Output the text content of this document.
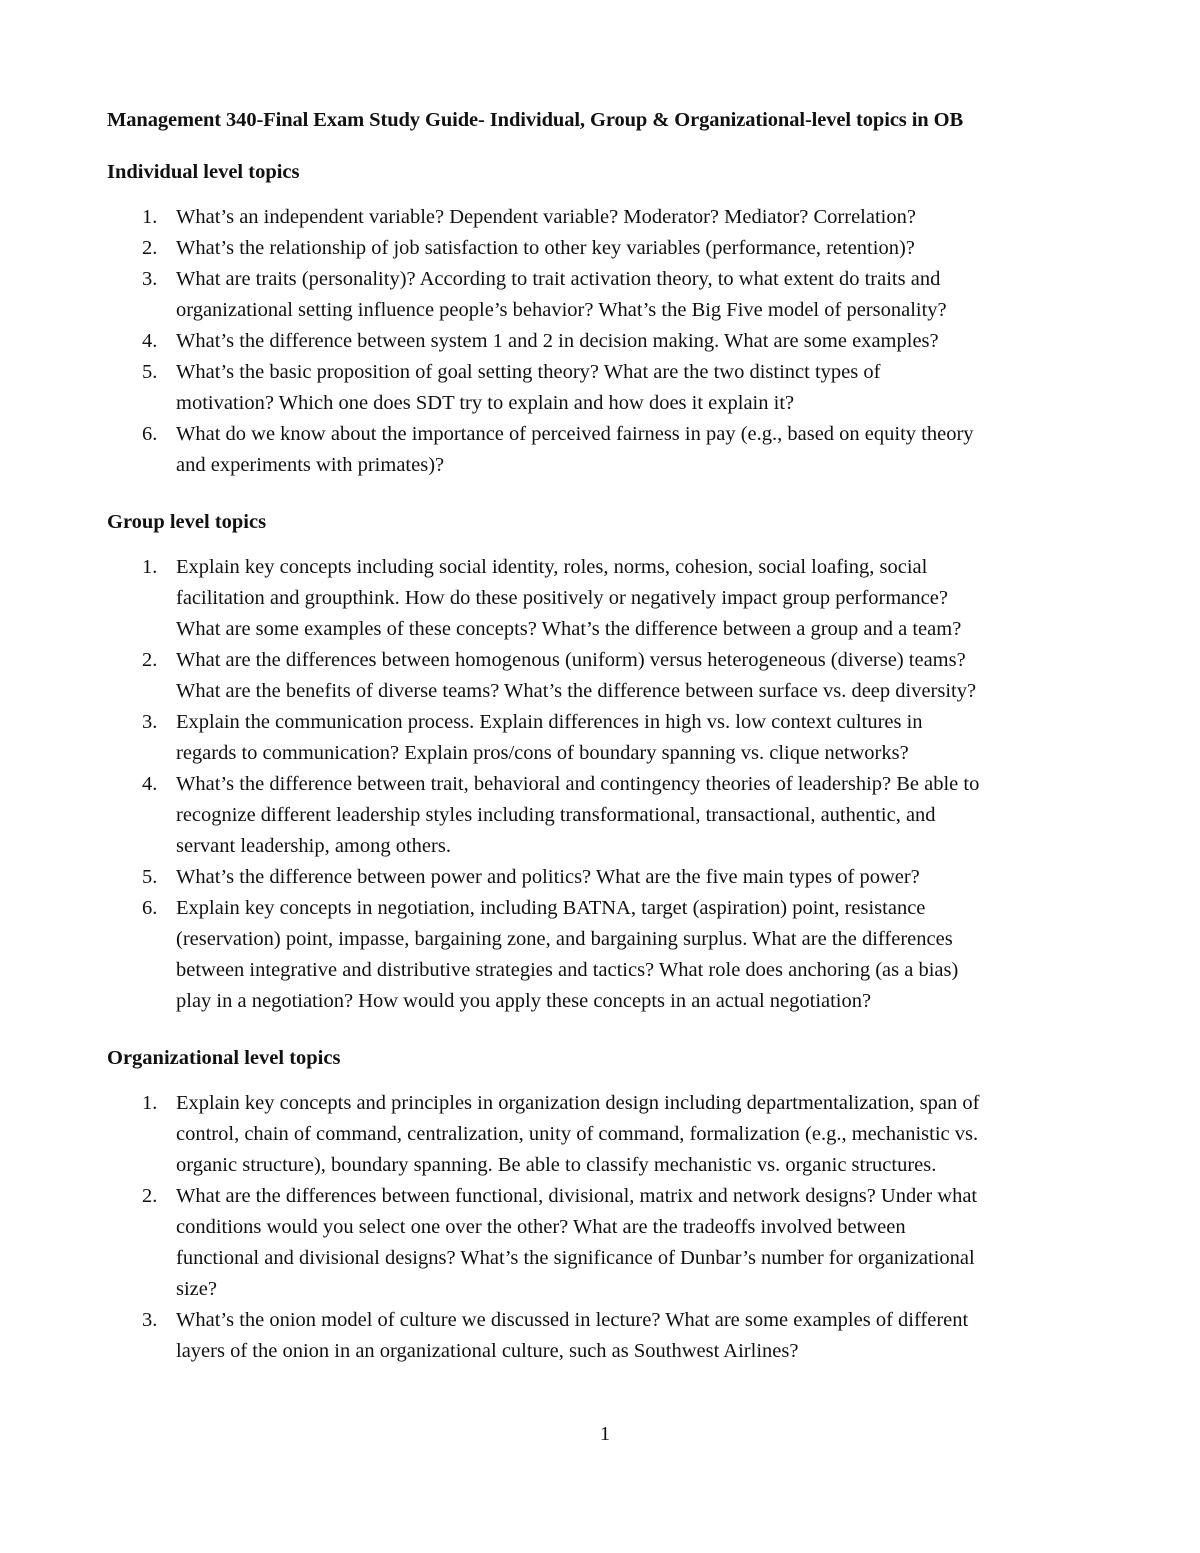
Management 340-Final Exam Study Guide- Individual, Group & Organizational-level topics in OB
Individual level topics
1. What’s an independent variable? Dependent variable? Moderator? Mediator? Correlation?
2. What’s the relationship of job satisfaction to other key variables (performance, retention)?
3. What are traits (personality)? According to trait activation theory, to what extent do traits and
organizational setting influence people’s behavior? What’s the Big Five model of personality?
4. What’s the difference between system 1 and 2 in decision making. What are some examples?
5. What’s the basic proposition of goal setting theory? What are the two distinct types of
motivation? Which one does SDT try to explain and how does it explain it?
6. What do we know about the importance of perceived fairness in pay (e.g., based on equity theory
and experiments with primates)?
Group level topics
1. Explain key concepts including social identity, roles, norms, cohesion, social loafing, social
facilitation and groupthink. How do these positively or negatively impact group performance?
What are some examples of these concepts? What’s the difference between a group and a team?
2. What are the differences between homogenous (uniform) versus heterogeneous (diverse) teams?
What are the benefits of diverse teams? What’s the difference between surface vs. deep diversity?
3. Explain the communication process. Explain differences in high vs. low context cultures in
regards to communication? Explain pros/cons of boundary spanning vs. clique networks?
4. What’s the difference between trait, behavioral and contingency theories of leadership? Be able to
recognize different leadership styles including transformational, transactional, authentic, and
servant leadership, among others.
5. What’s the difference between power and politics? What are the five main types of power?
6. Explain key concepts in negotiation, including BATNA, target (aspiration) point, resistance
(reservation) point, impasse, bargaining zone, and bargaining surplus. What are the differences
between integrative and distributive strategies and tactics? What role does anchoring (as a bias)
play in a negotiation? How would you apply these concepts in an actual negotiation?
Organizational level topics
1. Explain key concepts and principles in organization design including departmentalization, span of
control, chain of command, centralization, unity of command, formalization (e.g., mechanistic vs.
organic structure), boundary spanning. Be able to classify mechanistic vs. organic structures.
2. What are the differences between functional, divisional, matrix and network designs? Under what
conditions would you select one over the other? What are the tradeoffs involved between
functional and divisional designs? What’s the significance of Dunbar’s number for organizational
size?
3. What’s the onion model of culture we discussed in lecture? What are some examples of different
layers of the onion in an organizational culture, such as Southwest Airlines?
1
